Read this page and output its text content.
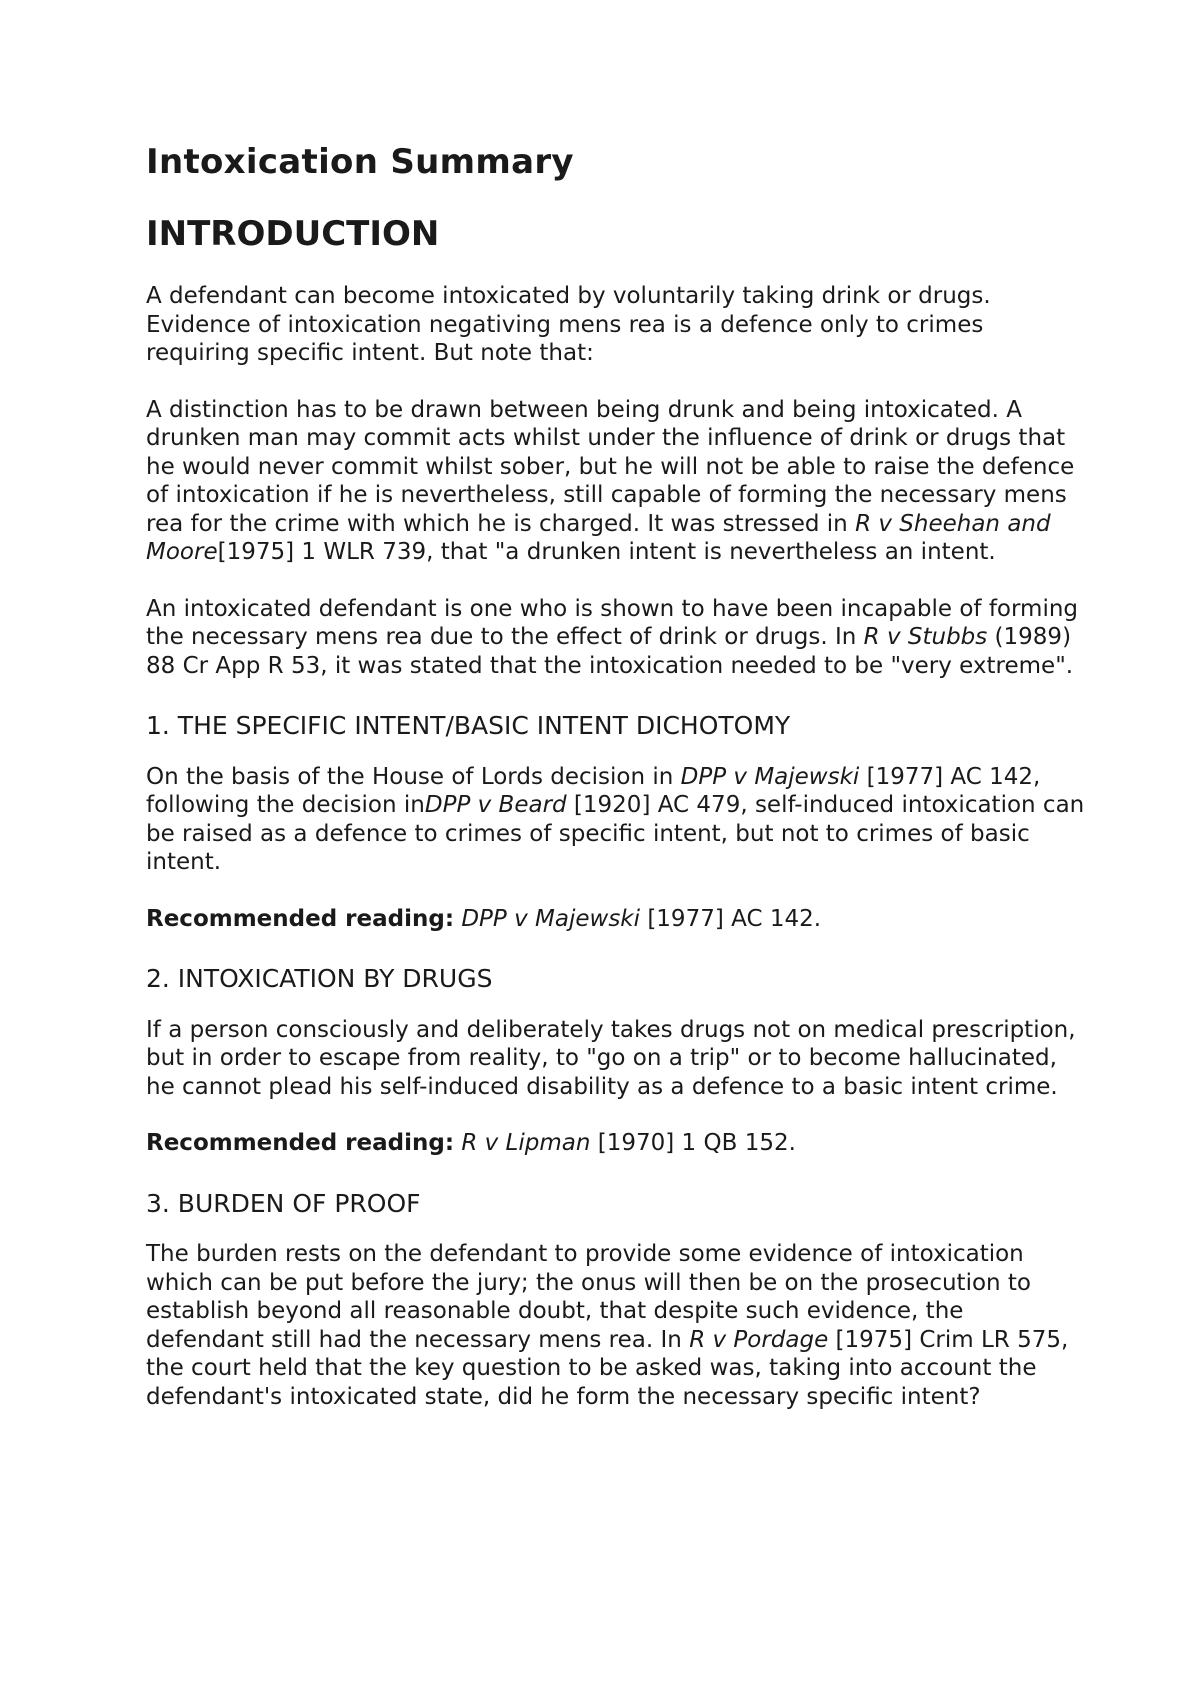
Intoxication Summary
INTRODUCTION

A defendant can become intoxicated by voluntarily taking drink or drugs. Evidence of intoxication negativing mens rea is a defence only to crimes requiring specific intent. But note that:

A distinction has to be drawn between being drunk and being intoxicated. A drunken man may commit acts whilst under the influence of drink or drugs that he would never commit whilst sober, but he will not be able to raise the defence of intoxication if he is nevertheless, still capable of forming the necessary mens rea for the crime with which he is charged. It was stressed in R v Sheehan and Moore[1975] 1 WLR 739, that "a drunken intent is nevertheless an intent.

An intoxicated defendant is one who is shown to have been incapable of forming the necessary mens rea due to the effect of drink or drugs. In R v Stubbs (1989) 88 Cr App R 53, it was stated that the intoxication needed to be "very extreme".

1. THE SPECIFIC INTENT/BASIC INTENT DICHOTOMY

On the basis of the House of Lords decision in DPP v Majewski [1977] AC 142, following the decision inDPP v Beard [1920] AC 479, self-induced intoxication can be raised as a defence to crimes of specific intent, but not to crimes of basic intent.

Recommended reading: DPP v Majewski [1977] AC 142.

2. INTOXICATION BY DRUGS

If a person consciously and deliberately takes drugs not on medical prescription, but in order to escape from reality, to "go on a trip" or to become hallucinated, he cannot plead his self-induced disability as a defence to a basic intent crime.

Recommended reading: R v Lipman [1970] 1 QB 152.

3. BURDEN OF PROOF

The burden rests on the defendant to provide some evidence of intoxication which can be put before the jury; the onus will then be on the prosecution to establish beyond all reasonable doubt, that despite such evidence, the defendant still had the necessary mens rea. In R v Pordage [1975] Crim LR 575, the court held that the key question to be asked was, taking into account the defendant's intoxicated state, did he form the necessary specific intent?
